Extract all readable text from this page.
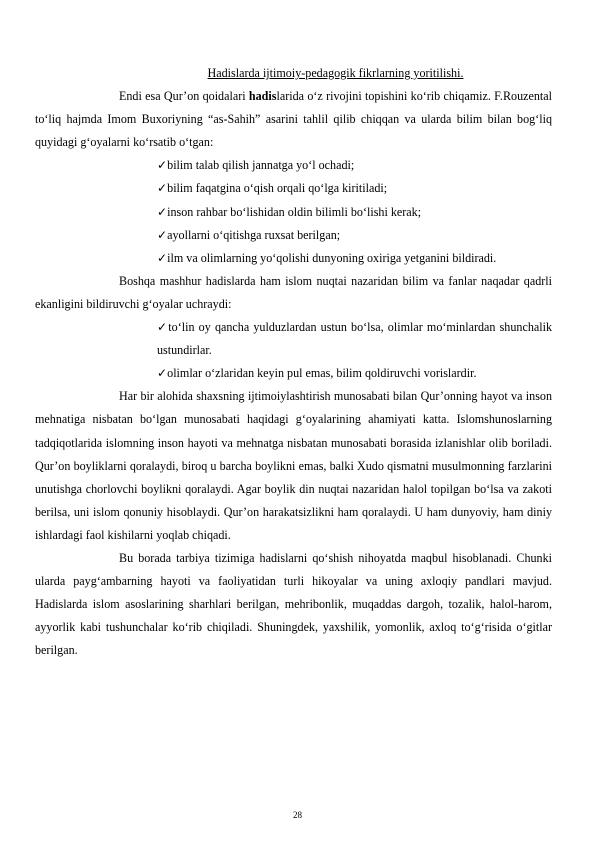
Hadislarda ijtimoiy-pedagogik fikrlarning yoritilishi.

Endi esa Qur’on qoidalari hadislarida o‘z rivojini topishini ko‘rib chiqamiz. F.Rouzental to‘liq hajmda Imom Buxoriyning “as-Sahih” asarini tahlil qilib chiqqan va ularda bilim bilan bog‘liq quyidagi g‘oyalarni ko‘rsatib o‘tgan:

✓bilim talab qilish jannatga yo‘l ochadi;

✓bilim faqatgina o‘qish orqali qo‘lga kiritiladi;

✓inson rahbar bo‘lishidan oldin bilimli bo‘lishi kerak;

✓ayollarni o‘qitishga ruxsat berilgan;

✓ilm va olimlarning yo‘qolishi dunyoning oxiriga yetganini bildiradi.

Boshqa mashhur hadislarda ham islom nuqtai nazaridan bilim va fanlar naqadar qadrli ekanligini bildiruvchi g‘oyalar uchraydi:

✓to‘lin oy qancha yulduzlardan ustun bo‘lsa, olimlar mo‘minlardan shunchalik ustundirlar.

✓olimlar o‘zlaridan keyin pul emas, bilim qoldiruvchi vorislardir.

Har bir alohida shaxsning ijtimoiylashtirish munosabati bilan Qur’onning hayot va inson mehnatiga nisbatan bo‘lgan munosabati haqidagi g‘oyalarining ahamiyati katta. Islomshunoslarning tadqiqotlarida islomning inson hayoti va mehnatga nisbatan munosabati borasida izlanishlar olib boriladi. Qur’on boyliklarni qoralaydi, biroq u barcha boylikni emas, balki Xudo qismatni musulmonning farzlarini unutishga chorlovchi boylikni qoralaydi. Agar boylik din nuqtai nazaridan halol topilgan bo‘lsa va zakoti berilsa, uni islom qonuniy hisoblaydi. Qur’on harakatsizlikni ham qoralaydi. U ham dunyoviy, ham diniy ishlardagi faol kishilarni yoqlab chiqadi.

Bu borada tarbiya tizimiga hadislarni qo‘shish nihoyatda maqbul hisoblanadi. Chunki ularda payg‘ambarning hayoti va faoliyatidan turli hikoyalar va uning axloqiy pandlari mavjud. Hadislarda islom asoslarining sharhlari berilgan, mehribonlik, muqaddas dargoh, tozalik, halol-harom, ayyorlik kabi tushunchalar ko‘rib chiqiladi. Shuningdek, yaxshilik, yomonlik, axloq to‘g‘risida o‘gitlar berilgan.

28
